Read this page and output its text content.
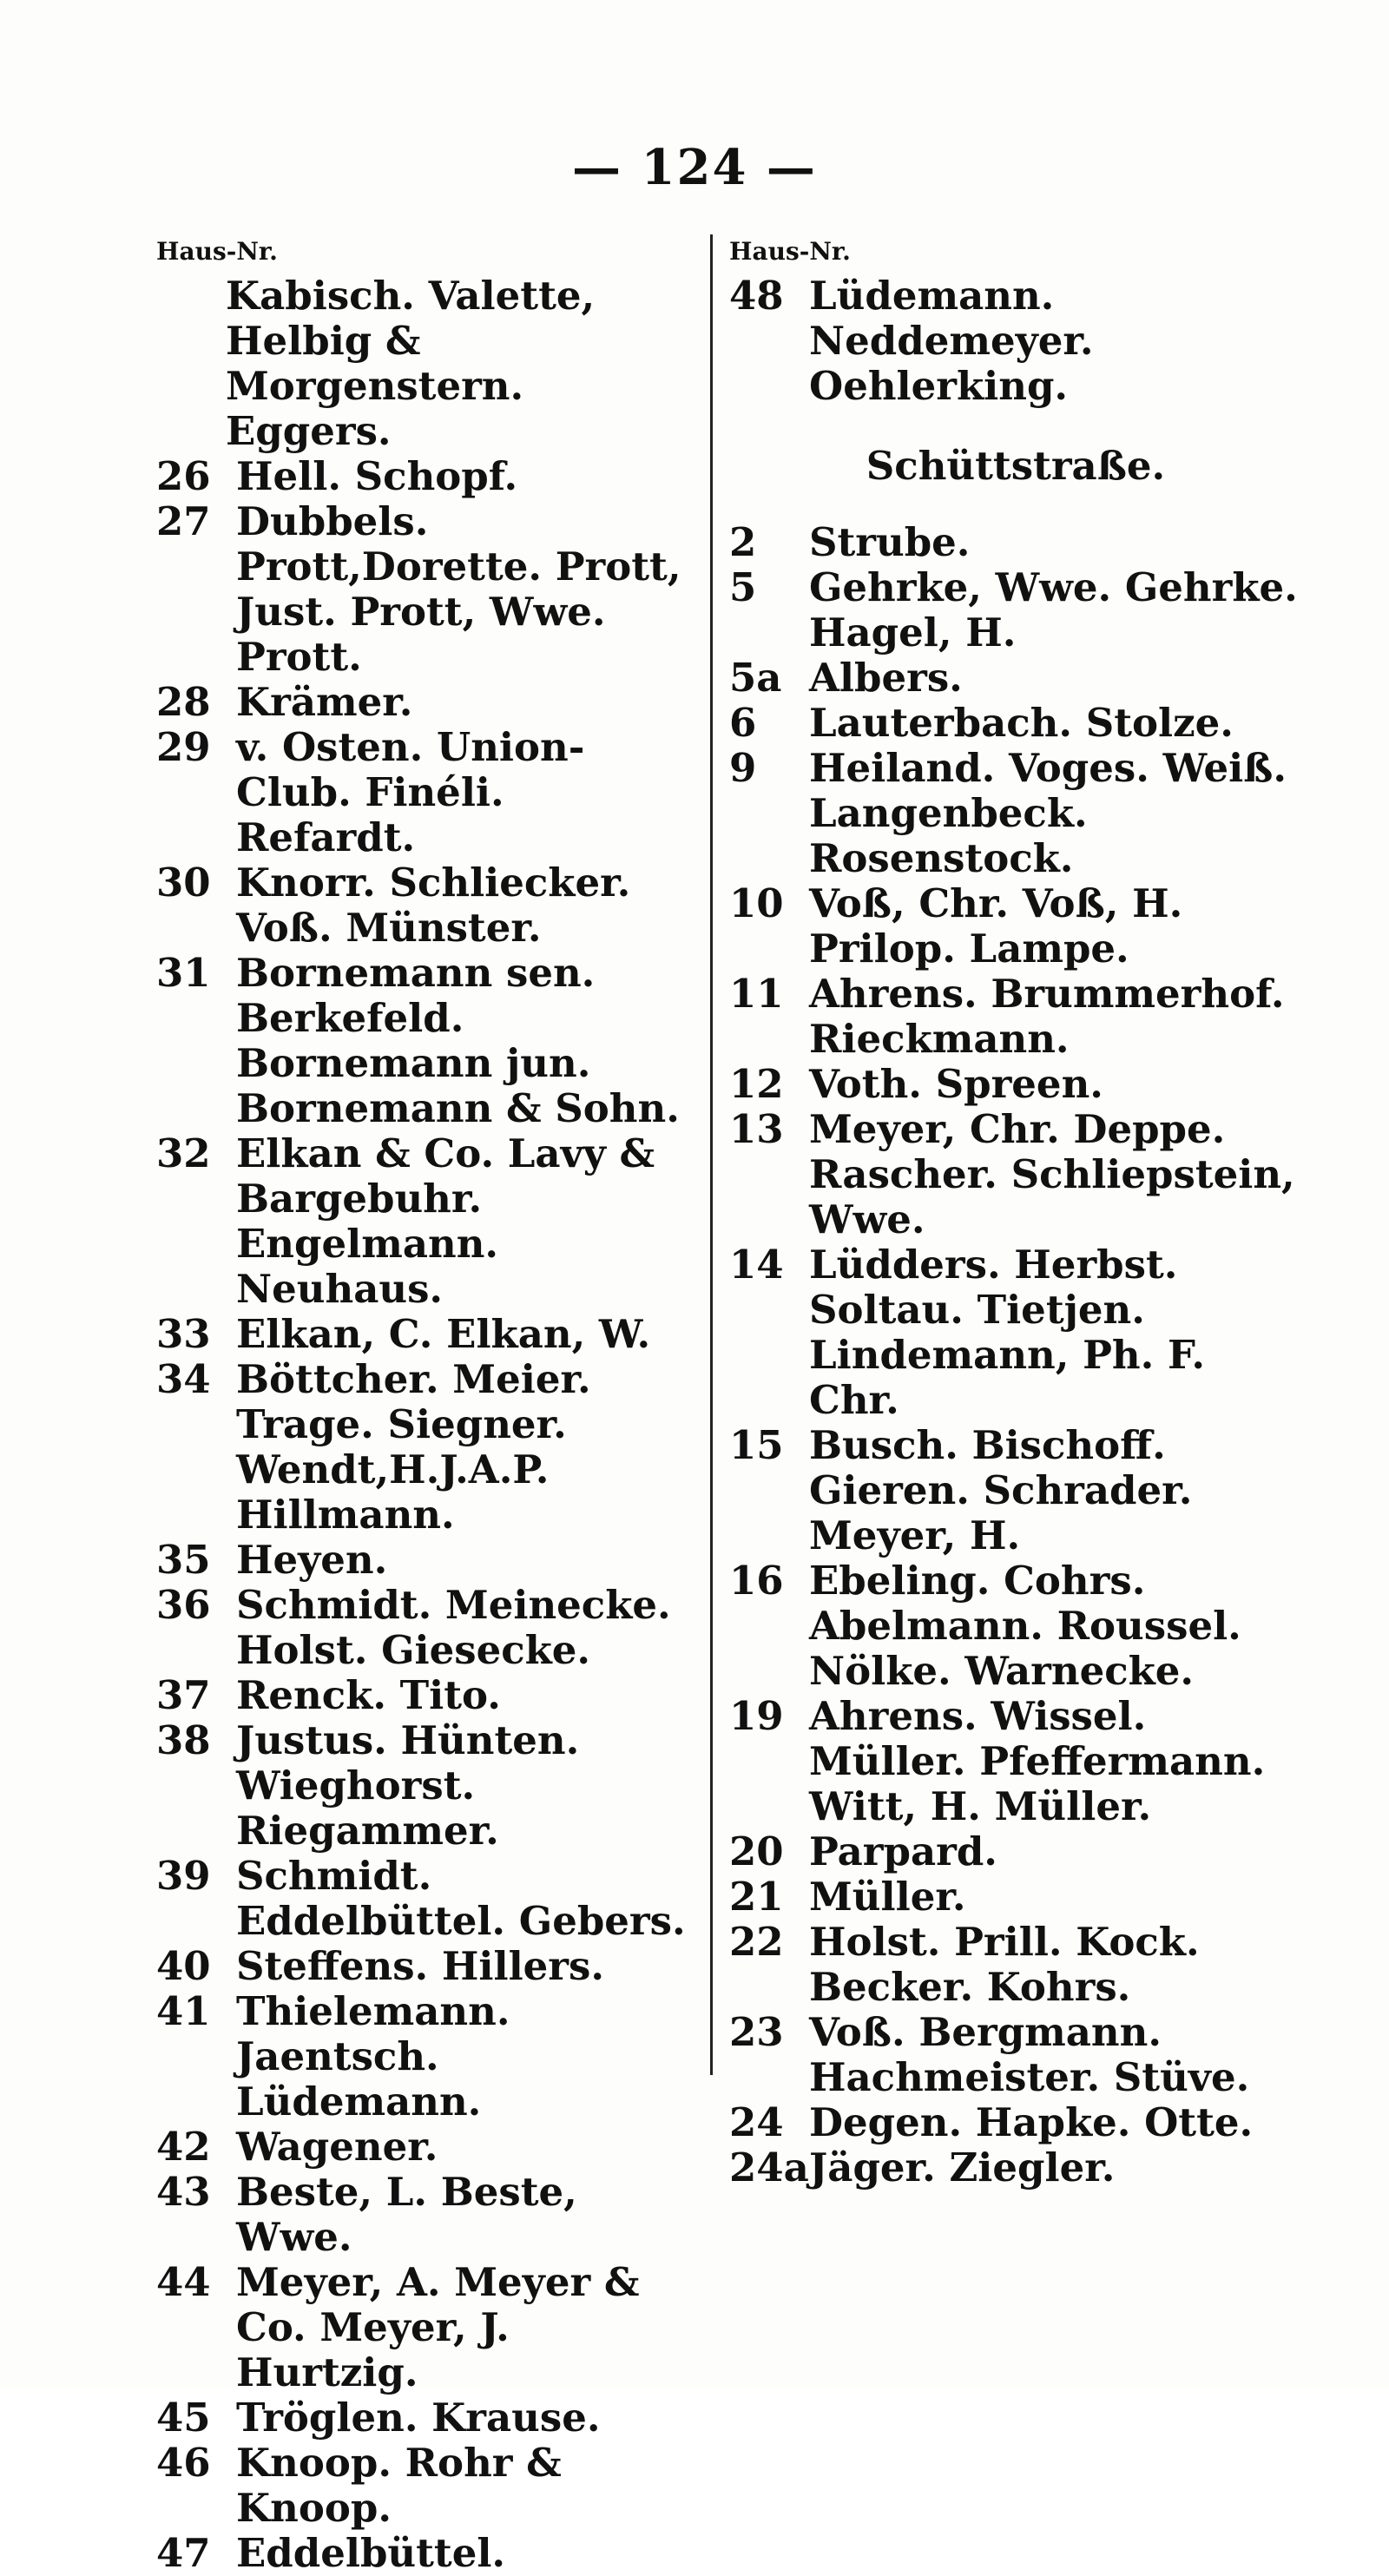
— 124 —
Haus-Nr.
Kabisch. Valette, Helbig & Morgenstern. Eggers.
26 Hell. Schopf.
27 Dubbels. Prott,Dorette. Prott, Just. Prott, Wwe. Prott.
28 Krämer.
29 v. Osten. Union-Club. Finéli. Refardt.
30 Knorr. Schliecker. Voß. Münster.
31 Bornemann sen. Berkefeld. Bornemann jun. Bornemann & Sohn.
32 Elkan & Co. Lavy & Bargebuhr. Engelmann. Neuhaus.
33 Elkan, C. Elkan, W.
34 Böttcher. Meier. Trage. Siegner. Wendt,H.J.A.P. Hillmann.
35 Heyen.
36 Schmidt. Meinecke. Holst. Giesecke.
37 Renck. Tito.
38 Justus. Hünten. Wieghorst. Riegammer.
39 Schmidt. Eddelbüttel. Gebers.
40 Steffens. Hillers.
41 Thielemann. Jaentsch. Lüdemann.
42 Wagener.
43 Beste, L. Beste, Wwe.
44 Meyer, A. Meyer & Co. Meyer, J. Hurtzig.
45 Tröglen. Krause.
46 Knoop. Rohr & Knoop.
47 Eddelbüttel.
Haus-Nr.
48 Lüdemann. Neddemeyer. Oehlerking.
Schüttstraße.
2	Strube.
5	Gehrke, Wwe. Gehrke. Hagel, H.
5a Albers.
6	Lauterbach. Stolze.
9	Heiland. Voges. Weiß. Langenbeck. Rosenstock.
10 Voß, Chr. Voß, H. Prilop. Lampe.
11 Ahrens. Brummerhof. Rieckmann.
12 Voth. Spreen.
13 Meyer, Chr. Deppe. Rascher. Schliepstein, Wwe.
14 Lüdders. Herbst. Soltau. Tietjen. Lindemann, Ph. F. Chr.
15 Busch. Bischoff. Gieren. Schrader. Meyer, H.
16 Ebeling. Cohrs. Abelmann. Roussel. Nölke. Warnecke.
19 Ahrens. Wissel. Müller. Pfeffermann. Witt, H. Müller.
20 Parpard.
21 Müller.
22 Holst. Prill. Kock. Becker. Kohrs.
23 Voß. Bergmann. Hachmeister. Stüve.
24 Degen. Hapke. Otte.
24a Jäger. Ziegler.
